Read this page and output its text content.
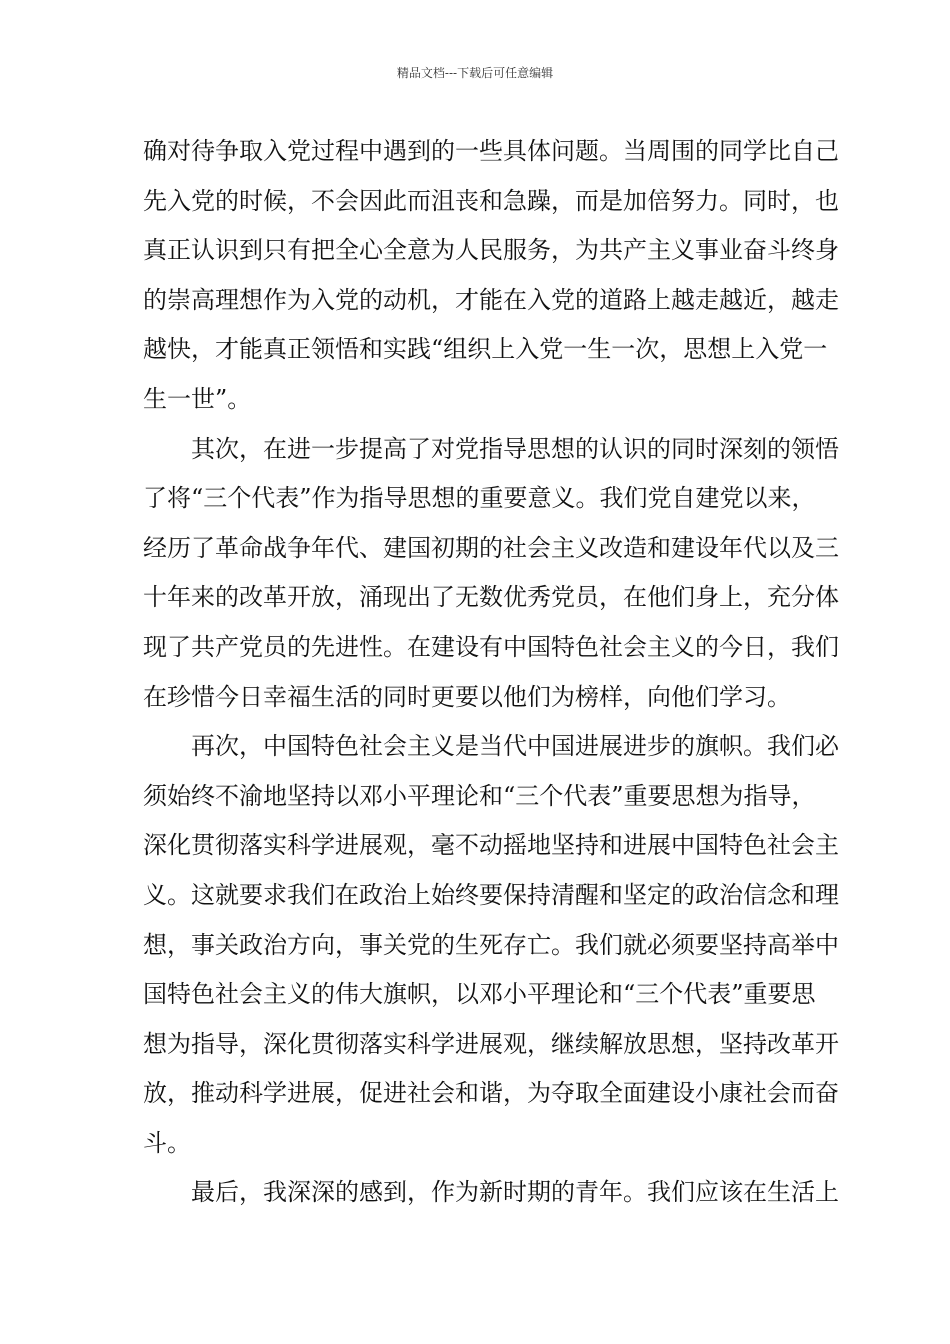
精品文档---下载后可任意编辑
确对待争取入党过程中遇到的一些具体问题。当周围的同学比自己
先入党的时候，不会因此而沮丧和急躁，而是加倍努力。同时，也
真正认识到只有把全心全意为人民服务，为共产主义事业奋斗终身
的崇高理想作为入党的动机，才能在入党的道路上越走越近，越走
越快，才能真正领悟和实践“组织上入党一生一次，思想上入党一
生一世”。
其次，在进一步提高了对党指导思想的认识的同时深刻的领悟
了将“三个代表”作为指导思想的重要意义。我们党自建党以来，
经历了革命战争年代、建国初期的社会主义改造和建设年代以及三
十年来的改革开放，涌现出了无数优秀党员，在他们身上，充分体
现了共产党员的先进性。在建设有中国特色社会主义的今日，我们
在珍惜今日幸福生活的同时更要以他们为榜样，向他们学习。
再次，中国特色社会主义是当代中国进展进步的旗帜。我们必
须始终不渝地坚持以邓小平理论和“三个代表”重要思想为指导，
深化贯彻落实科学进展观，毫不动摇地坚持和进展中国特色社会主
义。这就要求我们在政治上始终要保持清醒和坚定的政治信念和理
想，事关政治方向，事关党的生死存亡。我们就必须要坚持高举中
国特色社会主义的伟大旗帜，以邓小平理论和“三个代表”重要思
想为指导，深化贯彻落实科学进展观，继续解放思想，坚持改革开
放，推动科学进展，促进社会和谐，为夺取全面建设小康社会而奋
斗。
最后，我深深的感到，作为新时期的青年。我们应该在生活上
